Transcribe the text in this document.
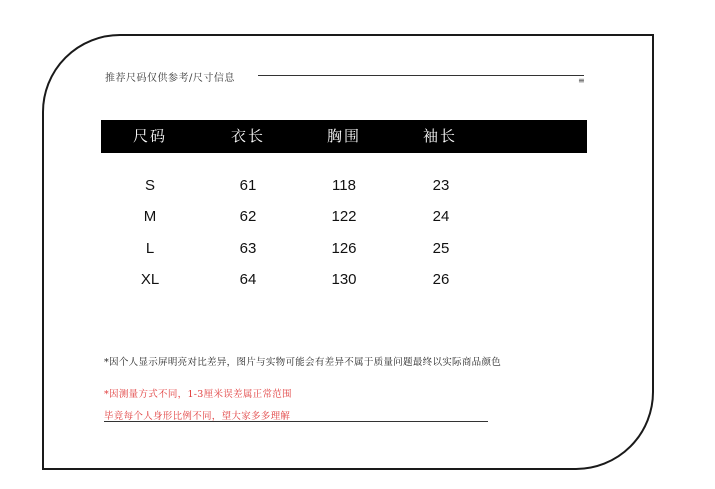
推荐尺码仅供参考/尺寸信息	≡
尺码	衣长	胸围	袖长
S	61	118	23
M	62	122	24
L	63	126	25
XL	64	130	26
*因个人显示屏明亮对比差异，图片与实物可能会有差异不属于质量问题最终以实际商品颜色
*因测量方式不同，1-3厘米误差属正常范围
毕竟每个人身形比例不同，望大家多多理解
